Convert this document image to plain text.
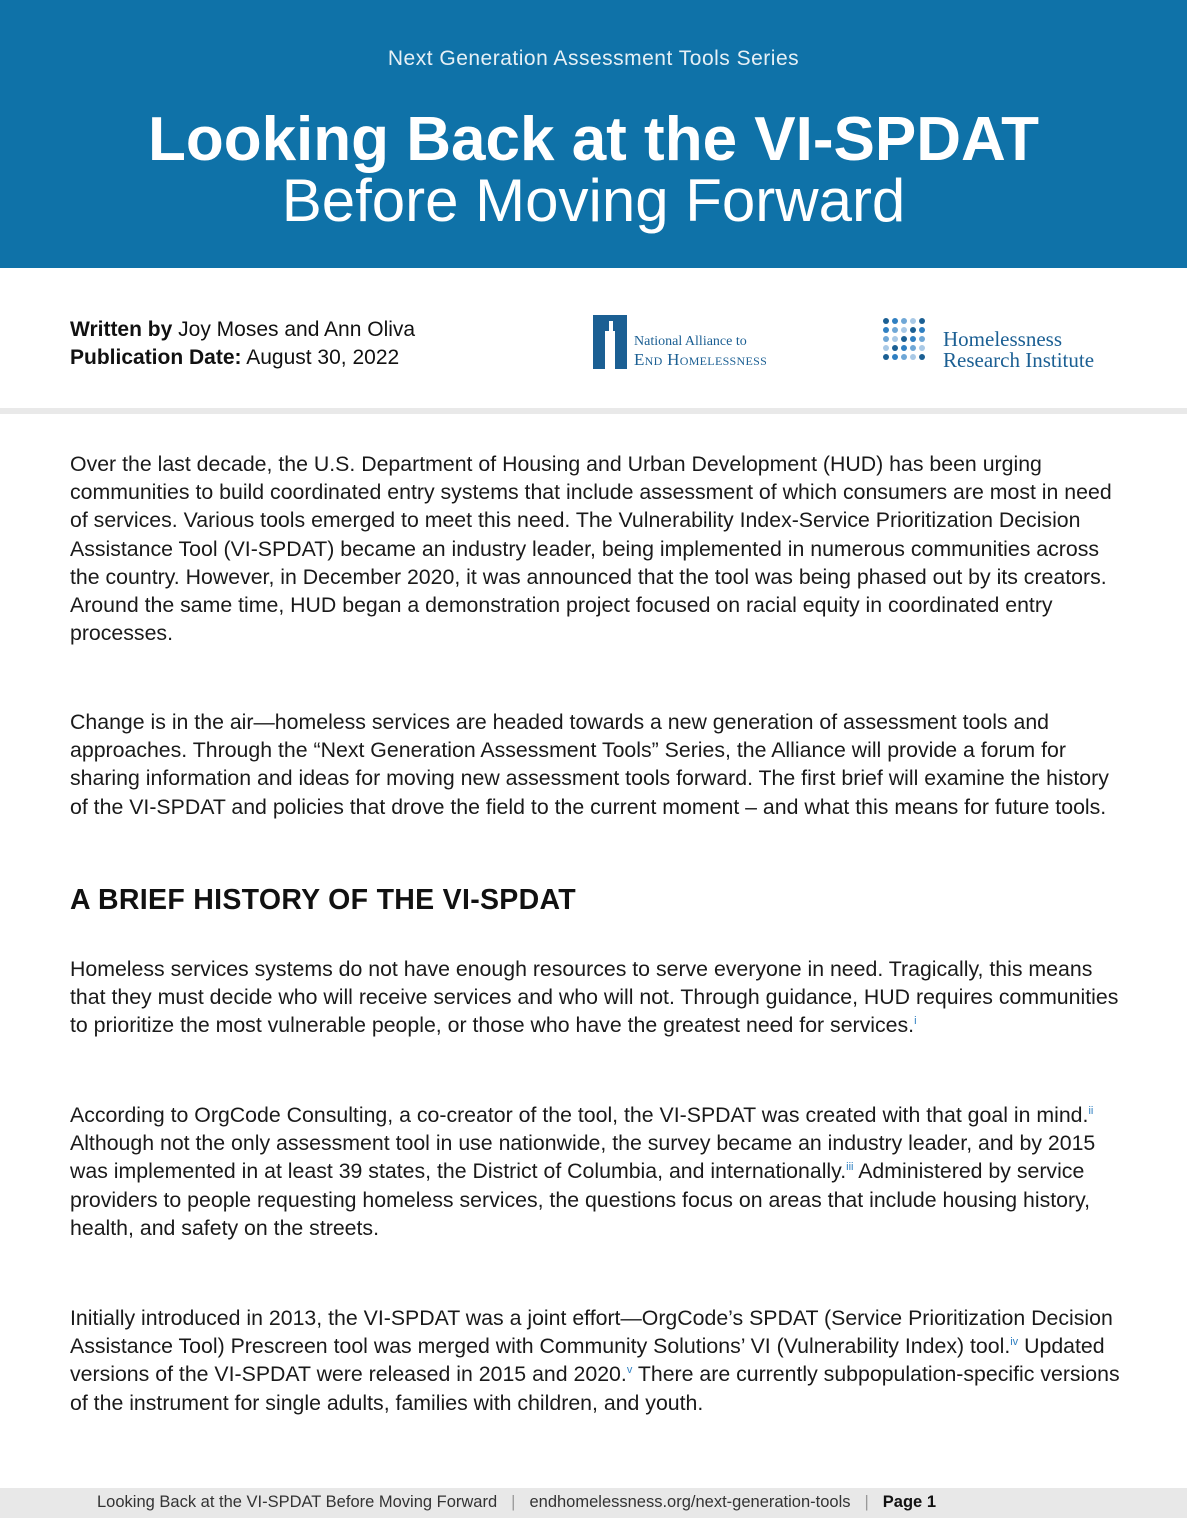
Next Generation Assessment Tools Series
Looking Back at the VI-SPDAT
Before Moving Forward
Written by Joy Moses and Ann Oliva
Publication Date: August 30, 2022
National Alliance to
End Homelessness
Homelessness
Research Institute

Over the last decade, the U.S. Department of Housing and Urban Development (HUD) has been urging communities to build coordinated entry systems that include assessment of which consumers are most in need of services. Various tools emerged to meet this need. The Vulnerability Index-Service Prioritization Decision Assistance Tool (VI-SPDAT) became an industry leader, being implemented in numerous communities across the country. However, in December 2020, it was announced that the tool was being phased out by its creators. Around the same time, HUD began a demonstration project focused on racial equity in coordinated entry processes.

Change is in the air—homeless services are headed towards a new generation of assessment tools and approaches. Through the “Next Generation Assessment Tools” Series, the Alliance will provide a forum for sharing information and ideas for moving new assessment tools forward. The first brief will examine the history of the VI-SPDAT and policies that drove the field to the current moment – and what this means for future tools.

A BRIEF HISTORY OF THE VI-SPDAT

Homeless services systems do not have enough resources to serve everyone in need. Tragically, this means that they must decide who will receive services and who will not. Through guidance, HUD requires communities to prioritize the most vulnerable people, or those who have the greatest need for services.$^i$

According to OrgCode Consulting, a co-creator of the tool, the VI-SPDAT was created with that goal in mind.$^{ii}$ Although not the only assessment tool in use nationwide, the survey became an industry leader, and by 2015 was implemented in at least 39 states, the District of Columbia, and internationally.$^{iii}$ Administered by service providers to people requesting homeless services, the questions focus on areas that include housing history, health, and safety on the streets.

Initially introduced in 2013, the VI-SPDAT was a joint effort—OrgCode’s SPDAT (Service Prioritization Decision Assistance Tool) Prescreen tool was merged with Community Solutions’ VI (Vulnerability Index) tool.$^{iv}$ Updated versions of the VI-SPDAT were released in 2015 and 2020.$^v$ There are currently subpopulation-specific versions of the instrument for single adults, families with children, and youth.

Looking Back at the VI-SPDAT Before Moving Forward | endhomelessness.org/next-generation-tools | Page 1
